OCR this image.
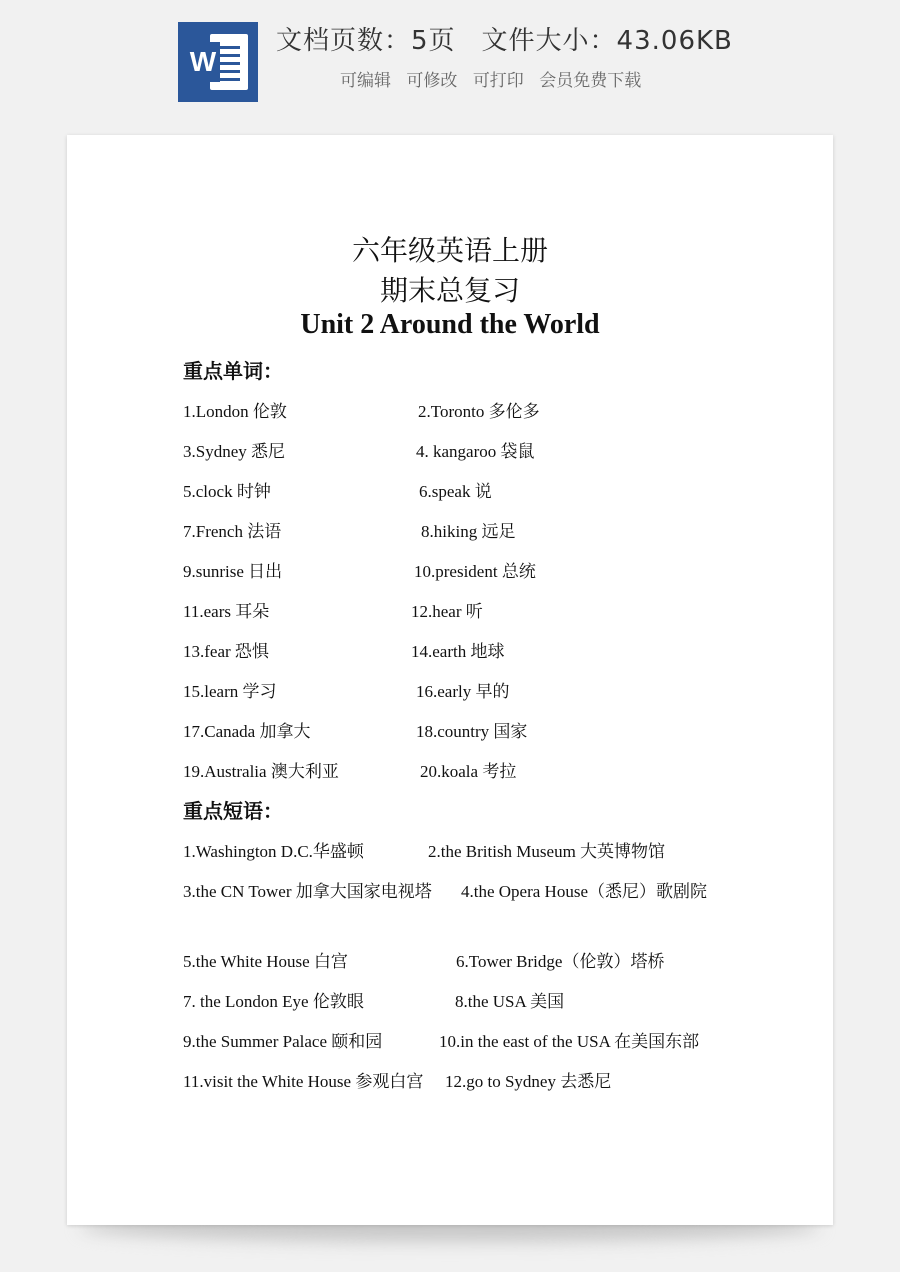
W
文档页数：5页 文件大小：43.06KB
可编辑 可修改 可打印 会员免费下载
六年级英语上册
期末总复习
Unit 2 Around the World
重点单词：
1.London 伦敦	2.Toronto 多伦多
3.Sydney 悉尼	4. kangaroo 袋鼠
5.clock 时钟	6.speak 说
7.French 法语	8.hiking 远足
9.sunrise 日出	10.president 总统
11.ears 耳朵	12.hear 听
13.fear 恐惧	14.earth 地球
15.learn 学习	16.early 早的
17.Canada 加拿大	18.country 国家
19.Australia 澳大利亚	20.koala 考拉
重点短语：
1.Washington D.C.华盛顿	2.the British Museum 大英博物馆
3.the CN Tower 加拿大国家电视塔 4.the Opera House（悉尼）歌剧院
5.the White House 白宫	6.Tower Bridge（伦敦）塔桥
7. the London Eye 伦敦眼	8.the USA 美国
9.the Summer Palace 颐和园	10.in the east of the USA 在美国东部
11.visit the White House 参观白宫 12.go to Sydney 去悉尼
